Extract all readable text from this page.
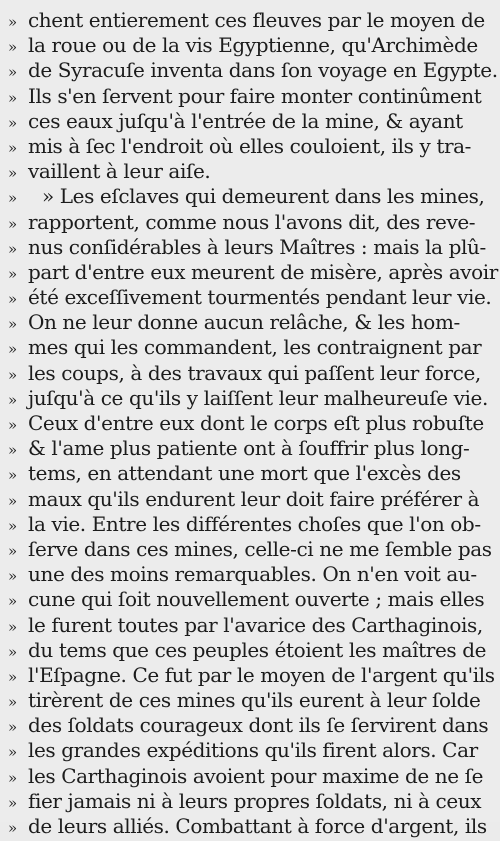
» chent entierement ces fleuves par le moyen de
» la roue ou de la vis Egyptienne, qu'Archimède
» de Syracuſe inventa dans ſon voyage en Egypte.
» Ils s'en ſervent pour faire monter continûment
» ces eaux juſqu'à l'entrée de la mine, & ayant
» mis à ſec l'endroit où elles couloient, ils y tra-
» vaillent à leur aiſe.
»	» Les eſclaves qui demeurent dans les mines,
» rapportent, comme nous l'avons dit, des reve-
» nus conſidérables à leurs Maîtres : mais la plû-
» part d'entre eux meurent de misère, après avoir
» été exceſſivement tourmentés pendant leur vie.
» On ne leur donne aucun relâche, & les hom-
» mes qui les commandent, les contraignent par
» les coups, à des travaux qui paſſent leur force,
» juſqu'à ce qu'ils y laiſſent leur malheureuſe vie.
» Ceux d'entre eux dont le corps eſt plus robuſte
» & l'ame plus patiente ont à ſouffrir plus long-
» tems, en attendant une mort que l'excès des
» maux qu'ils endurent leur doit faire préférer à
» la vie. Entre les différentes choſes que l'on ob-
» ſerve dans ces mines, celle-ci ne me ſemble pas
» une des moins remarquables. On n'en voit au-
» cune qui ſoit nouvellement ouverte ; mais elles
» le furent toutes par l'avarice des Carthaginois,
» du tems que ces peuples étoient les maîtres de
» l'Eſpagne. Ce fut par le moyen de l'argent qu'ils
» tirèrent de ces mines qu'ils eurent à leur ſolde
» des ſoldats courageux dont ils ſe ſervirent dans
» les grandes expéditions qu'ils firent alors. Car
» les Carthaginois avoient pour maxime de ne ſe
» fier jamais ni à leurs propres ſoldats, ni à ceux
» de leurs alliés. Combattant à force d'argent, ils
